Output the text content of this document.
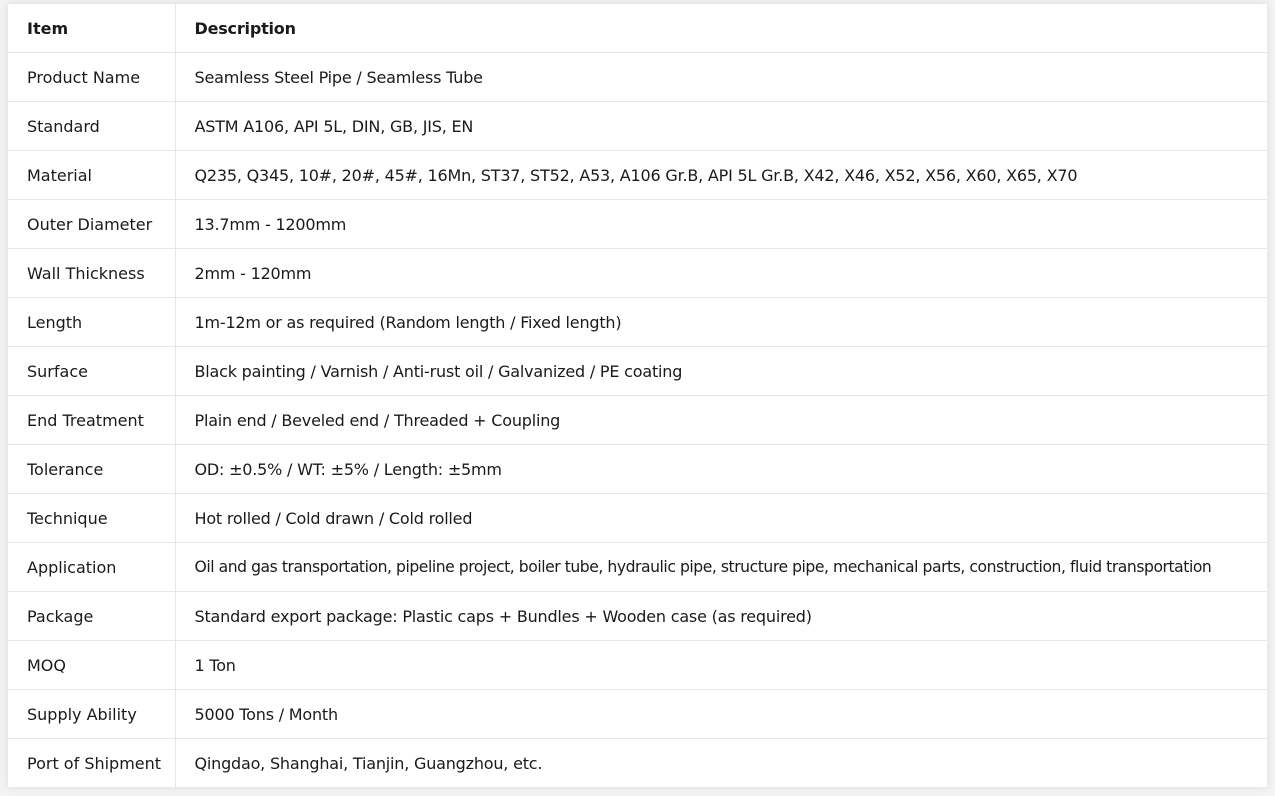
Item	Description
Product Name	Seamless Steel Pipe / Seamless Tube
Standard	ASTM A106, API 5L, DIN, GB, JIS, EN
Material	Q235, Q345, 10#, 20#, 45#, 16Mn, ST37, ST52, A53, A106 Gr.B, API 5L Gr.B, X42, X46, X52, X56, X60, X65, X70
Outer Diameter	13.7mm - 1200mm
Wall Thickness	2mm - 120mm
Length	1m-12m or as required (Random length / Fixed length)
Surface	Black painting / Varnish / Anti-rust oil / Galvanized / PE coating
End Treatment	Plain end / Beveled end / Threaded + Coupling
Tolerance	OD: ±0.5% / WT: ±5% / Length: ±5mm
Technique	Hot rolled / Cold drawn / Cold rolled
Application	Oil and gas transportation, pipeline project, boiler tube, hydraulic pipe, structure pipe, mechanical parts, construction, fluid transportation
Package	Standard export package: Plastic caps + Bundles + Wooden case (as required)
MOQ	1 Ton
Supply Ability	5000 Tons / Month
Port of Shipment	Qingdao, Shanghai, Tianjin, Guangzhou, etc.
